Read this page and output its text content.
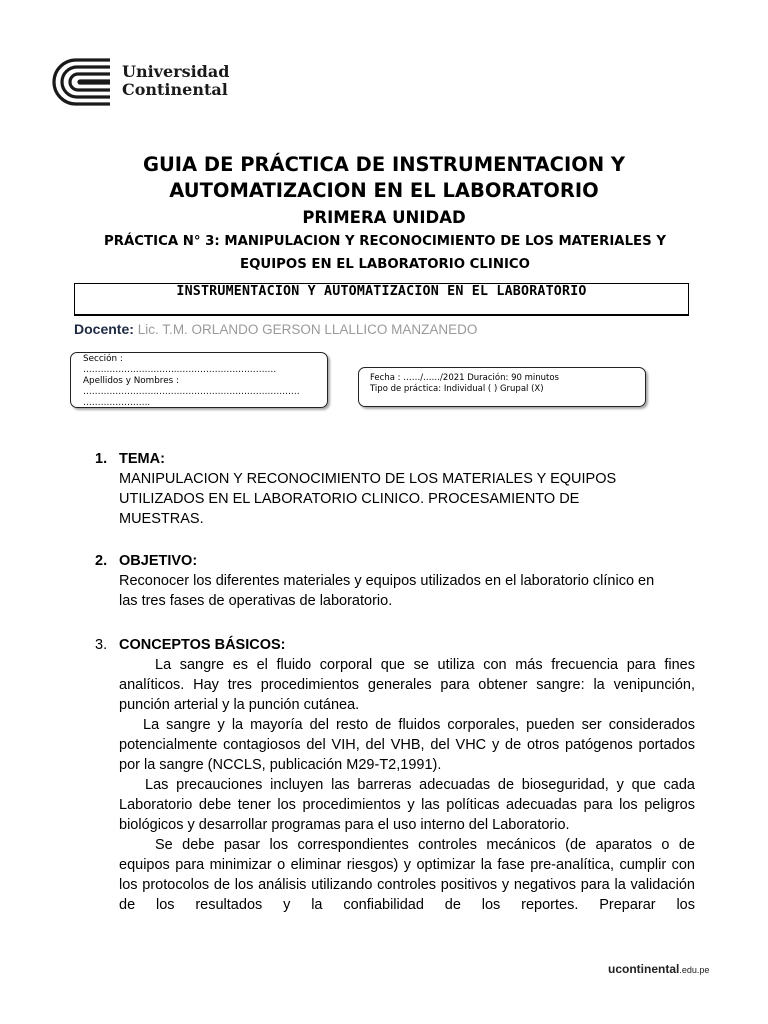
Universidad
Continental
GUIA DE PRÁCTICA DE INSTRUMENTACION Y
AUTOMATIZACION EN EL LABORATORIO
PRIMERA UNIDAD
PRÁCTICA N° 3: MANIPULACION Y RECONOCIMIENTO DE LOS MATERIALES Y
EQUIPOS EN EL LABORATORIO CLINICO
INSTRUMENTACION Y AUTOMATIZACION EN EL LABORATORIO
Docente: Lic. T.M. ORLANDO GERSON LLALLICO MANZANEDO
Sección :
…………………………..…………………………….
Apellidos y Nombres :
……………………..…………………………………………
…………………..
Fecha : ……/……/2021 Duración: 90 minutos
Tipo de práctica: Individual ( ) Grupal (X)
1. TEMA:
MANIPULACION Y RECONOCIMIENTO DE LOS MATERIALES Y EQUIPOS
UTILIZADOS EN EL LABORATORIO CLINICO. PROCESAMIENTO DE
MUESTRAS.
2. OBJETIVO:
Reconocer los diferentes materiales y equipos utilizados en el laboratorio clínico en
las tres fases de operativas de laboratorio.
3. CONCEPTOS BÁSICOS:
La sangre es el fluido corporal que se utiliza con más frecuencia para fines analíticos. Hay tres procedimientos generales para obtener sangre: la venipunción, punción arterial y la punción cutánea.
La sangre y la mayoría del resto de fluidos corporales, pueden ser considerados potencialmente contagiosos del VIH, del VHB, del VHC y de otros patógenos portados por la sangre (NCCLS, publicación M29-T2,1991).
Las precauciones incluyen las barreras adecuadas de bioseguridad, y que cada Laboratorio debe tener los procedimientos y las políticas adecuadas para los peligros biológicos y desarrollar programas para el uso interno del Laboratorio.
Se debe pasar los correspondientes controles mecánicos (de aparatos o de equipos para minimizar o eliminar riesgos) y optimizar la fase pre-analítica, cumplir con los protocolos de los análisis utilizando controles positivos y negativos para la validación de los resultados y la confiabilidad de los reportes. Preparar los
ucontinental.edu.pe
